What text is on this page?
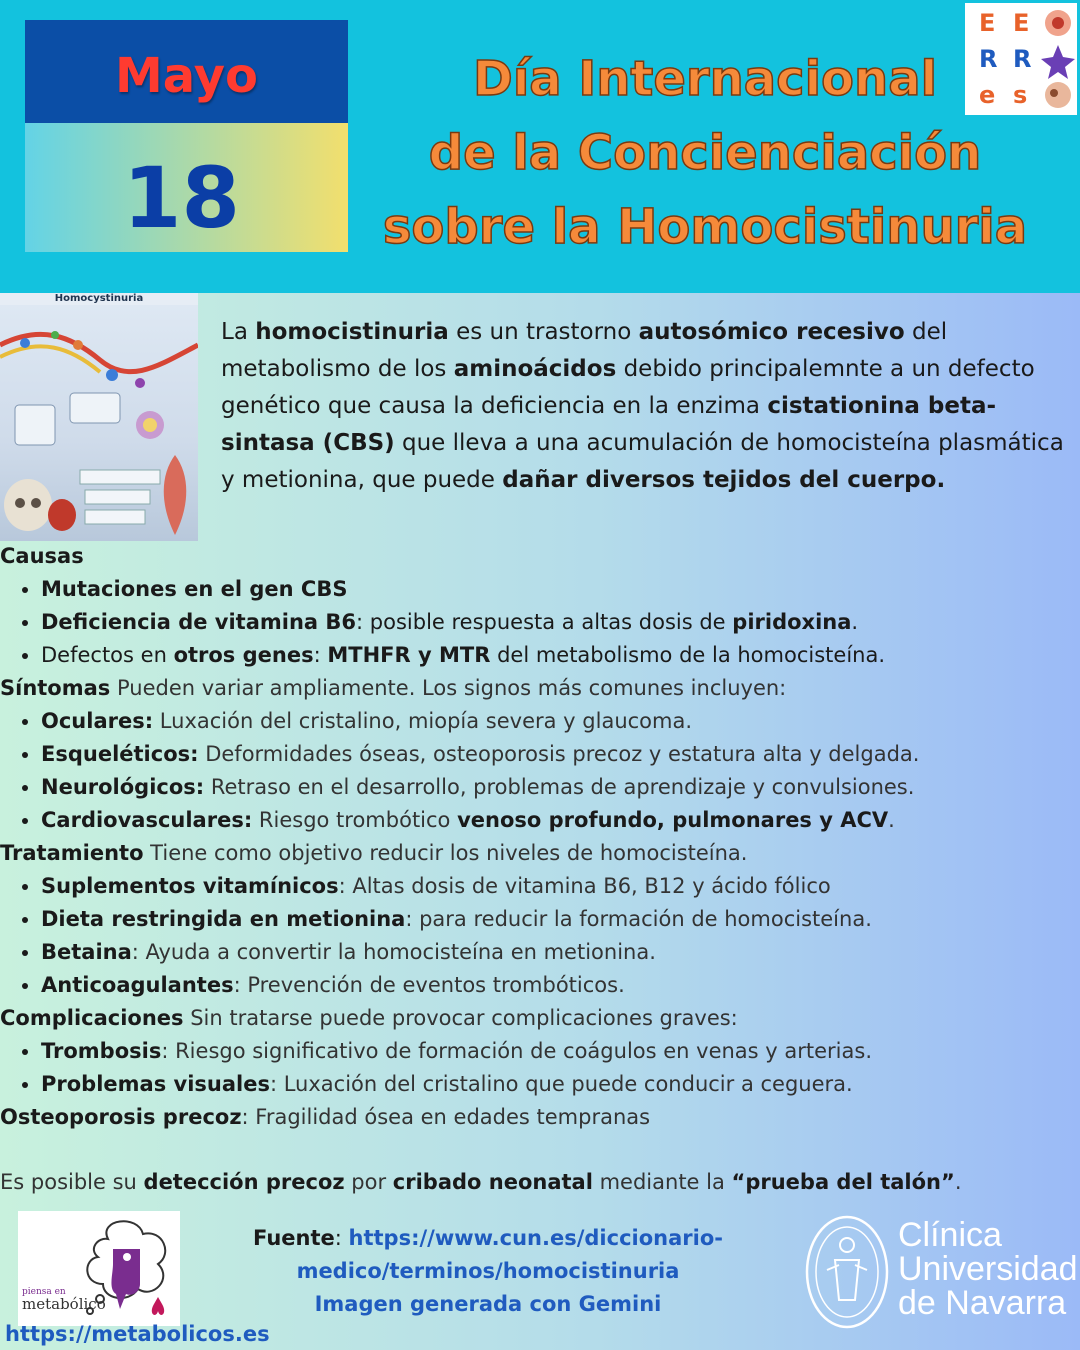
Mayo
18
Día Internacional
de la Concienciación
sobre la Homocistinuria
E E
R R
e s
Homocystinuria
La homocistinuria es un trastorno autosómico recesivo del metabolismo de los aminoácidos debido principalemnte a un defecto genético que causa la deficiencia en la enzima cistationina beta-sintasa (CBS) que lleva a una acumulación de homocisteína plasmática y metionina, que puede dañar diversos tejidos del cuerpo.
Causas
• Mutaciones en el gen CBS
• Deficiencia de vitamina B6: posible respuesta a altas dosis de piridoxina.
• Defectos en otros genes: MTHFR y MTR del metabolismo de la homocisteína.
Síntomas Pueden variar ampliamente. Los signos más comunes incluyen:
• Oculares: Luxación del cristalino, miopía severa y glaucoma.
• Esqueléticos: Deformidades óseas, osteoporosis precoz y estatura alta y delgada.
• Neurológicos: Retraso en el desarrollo, problemas de aprendizaje y convulsiones.
• Cardiovasculares: Riesgo trombótico venoso profundo, pulmonares y ACV.
Tratamiento Tiene como objetivo reducir los niveles de homocisteína.
• Suplementos vitamínicos: Altas dosis de vitamina B6, B12 y ácido fólico
• Dieta restringida en metionina: para reducir la formación de homocisteína.
• Betaina: Ayuda a convertir la homocisteína en metionina.
• Anticoagulantes: Prevención de eventos trombóticos.
Complicaciones Sin tratarse puede provocar complicaciones graves:
• Trombosis: Riesgo significativo de formación de coágulos en venas y arterias.
• Problemas visuales: Luxación del cristalino que puede conducir a ceguera.
Osteoporosis precoz: Fragilidad ósea en edades tempranas
Es posible su detección precoz por cribado neonatal mediante la “prueba del talón”.
piensa en
metabólico
https://metabolicos.es
Fuente: https://www.cun.es/diccionario-medico/terminos/homocistinuria
Imagen generada con Gemini
Clínica
Universidad
de Navarra
